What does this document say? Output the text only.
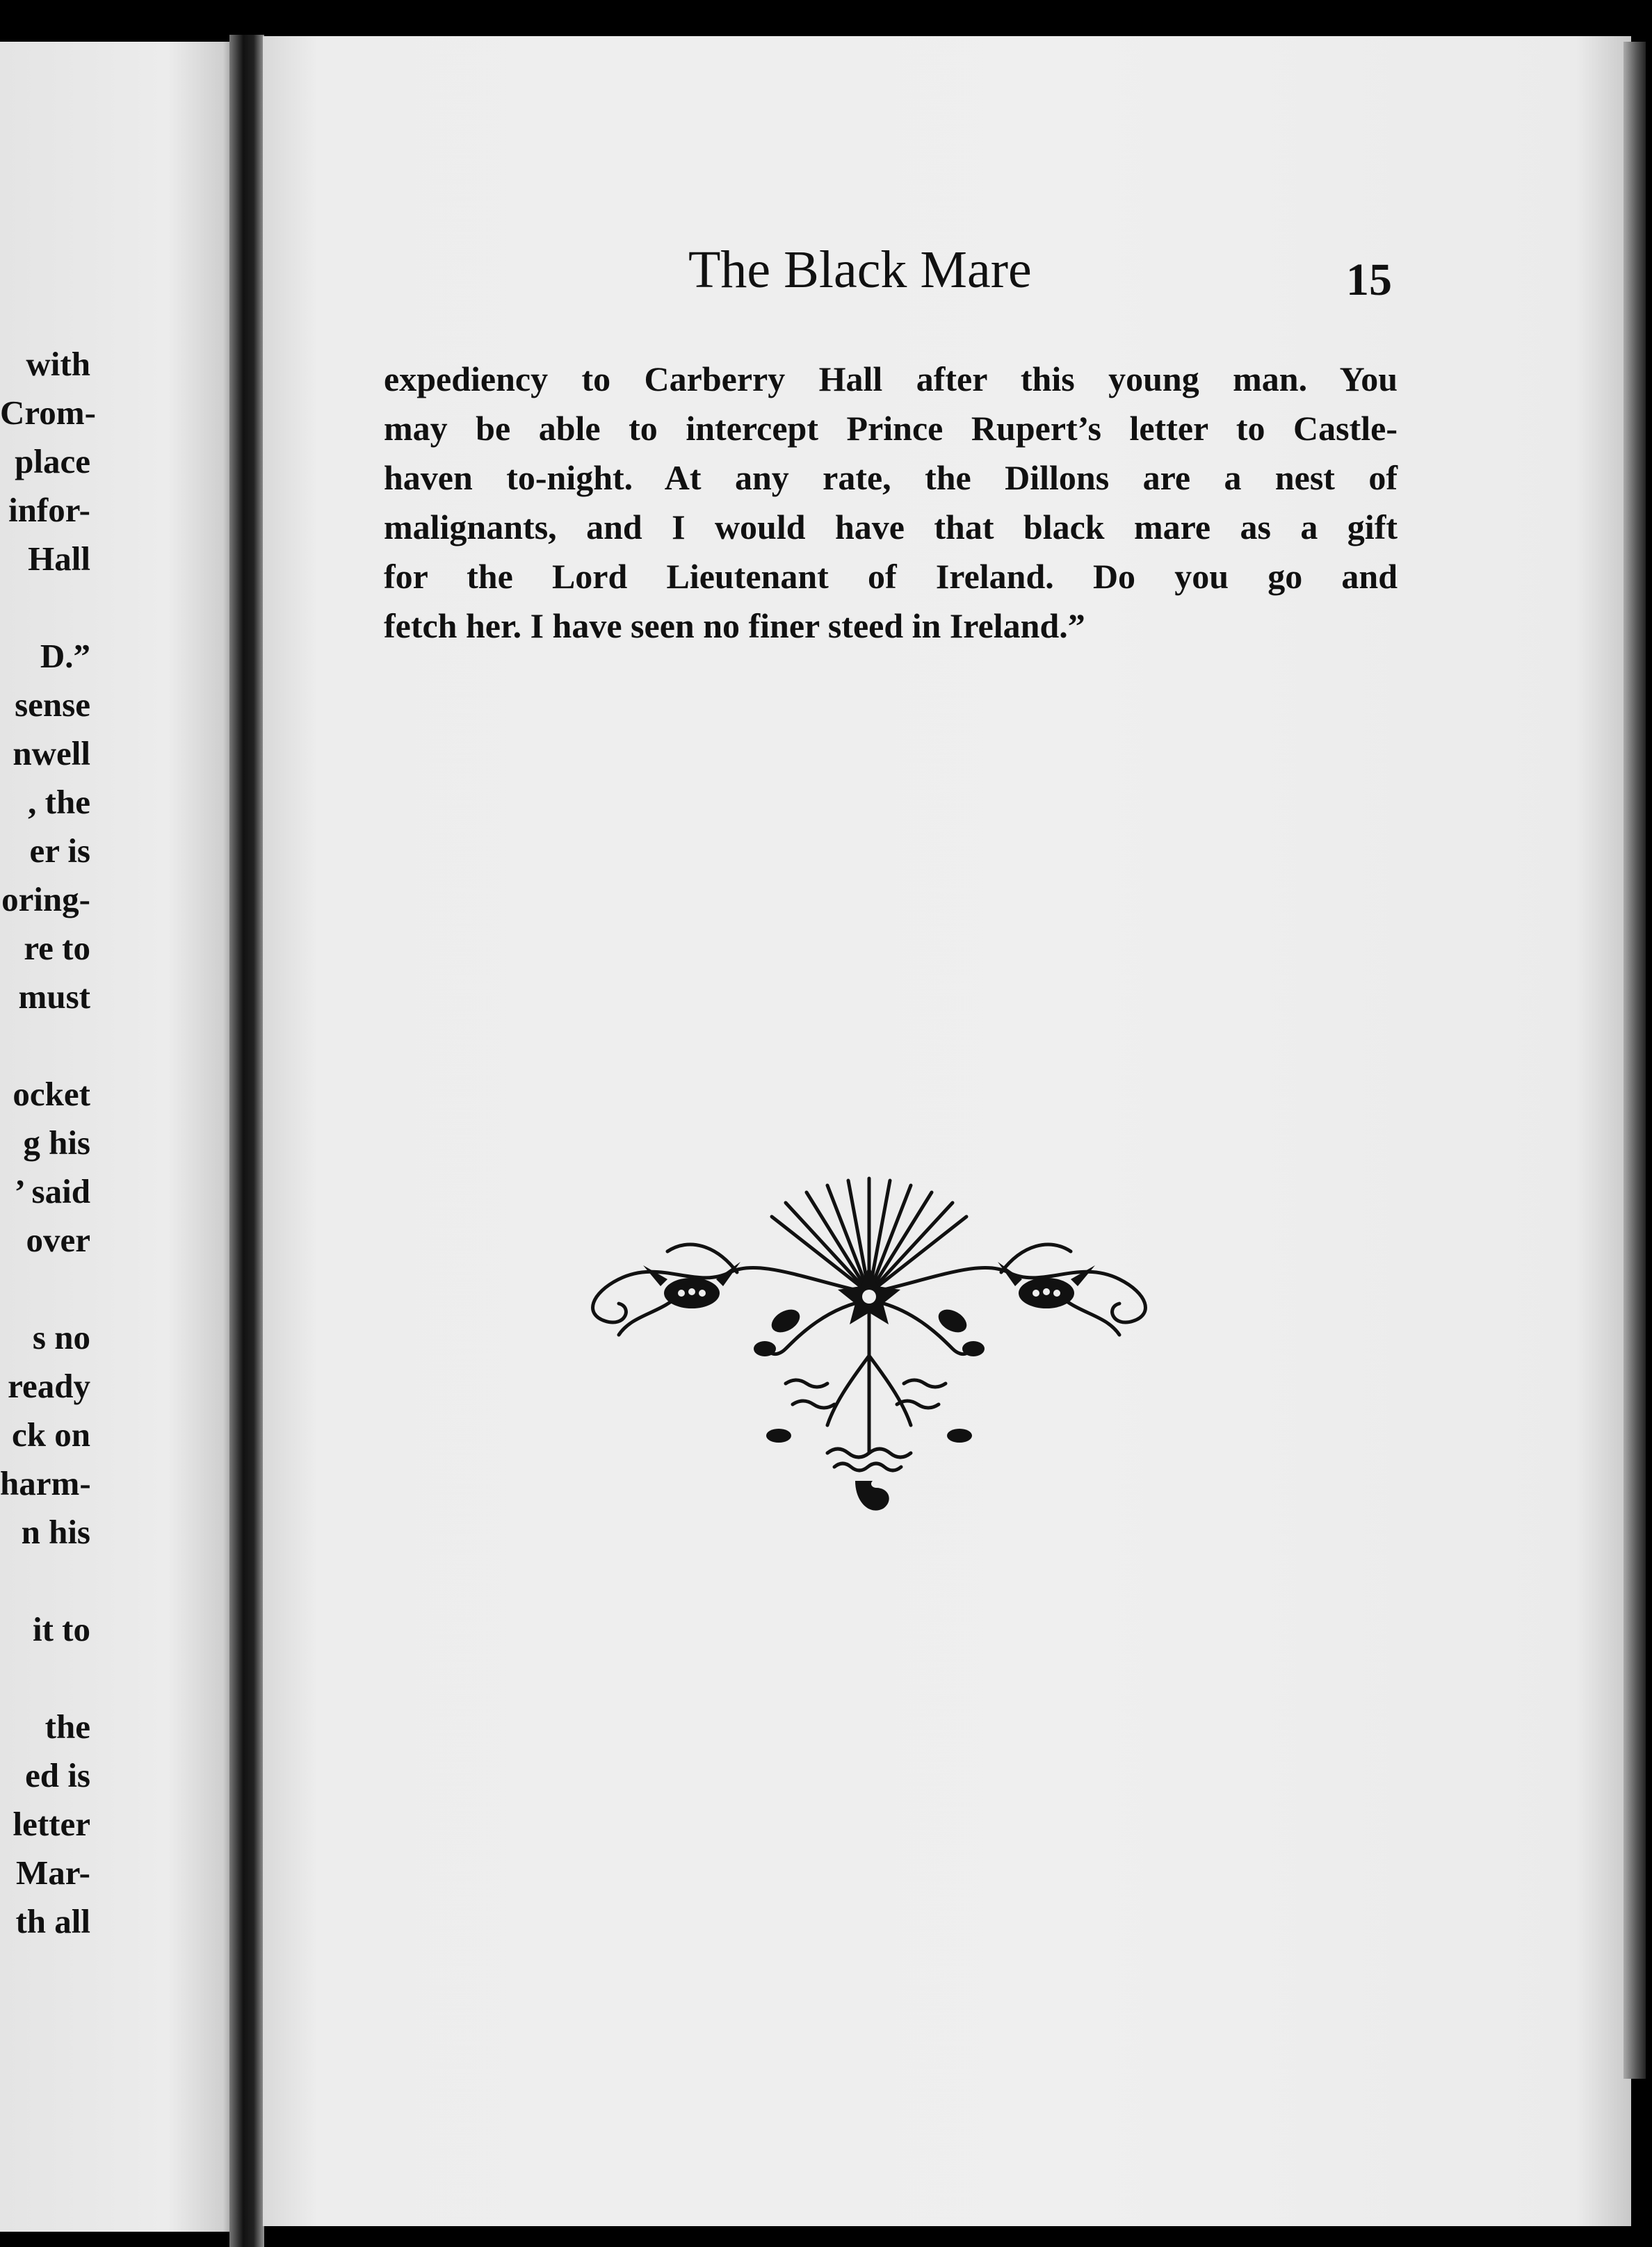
with
Crom-
place
infor-
Hall
D.”
sense
nwell
, the
er is
oring-
re to
must
ocket
g his
’ said
over
s no
ready
ck on
harm-
n his
it to
the
ed is
letter
Mar-
th all
The Black Mare	15
expediency to Carberry Hall after this young man. You
may be able to intercept Prince Rupert’s letter to Castle-
haven to-night. At any rate, the Dillons are a nest of
malignants, and I would have that black mare as a gift
for the Lord Lieutenant of Ireland. Do you go and
fetch her. I have seen no finer steed in Ireland.”
